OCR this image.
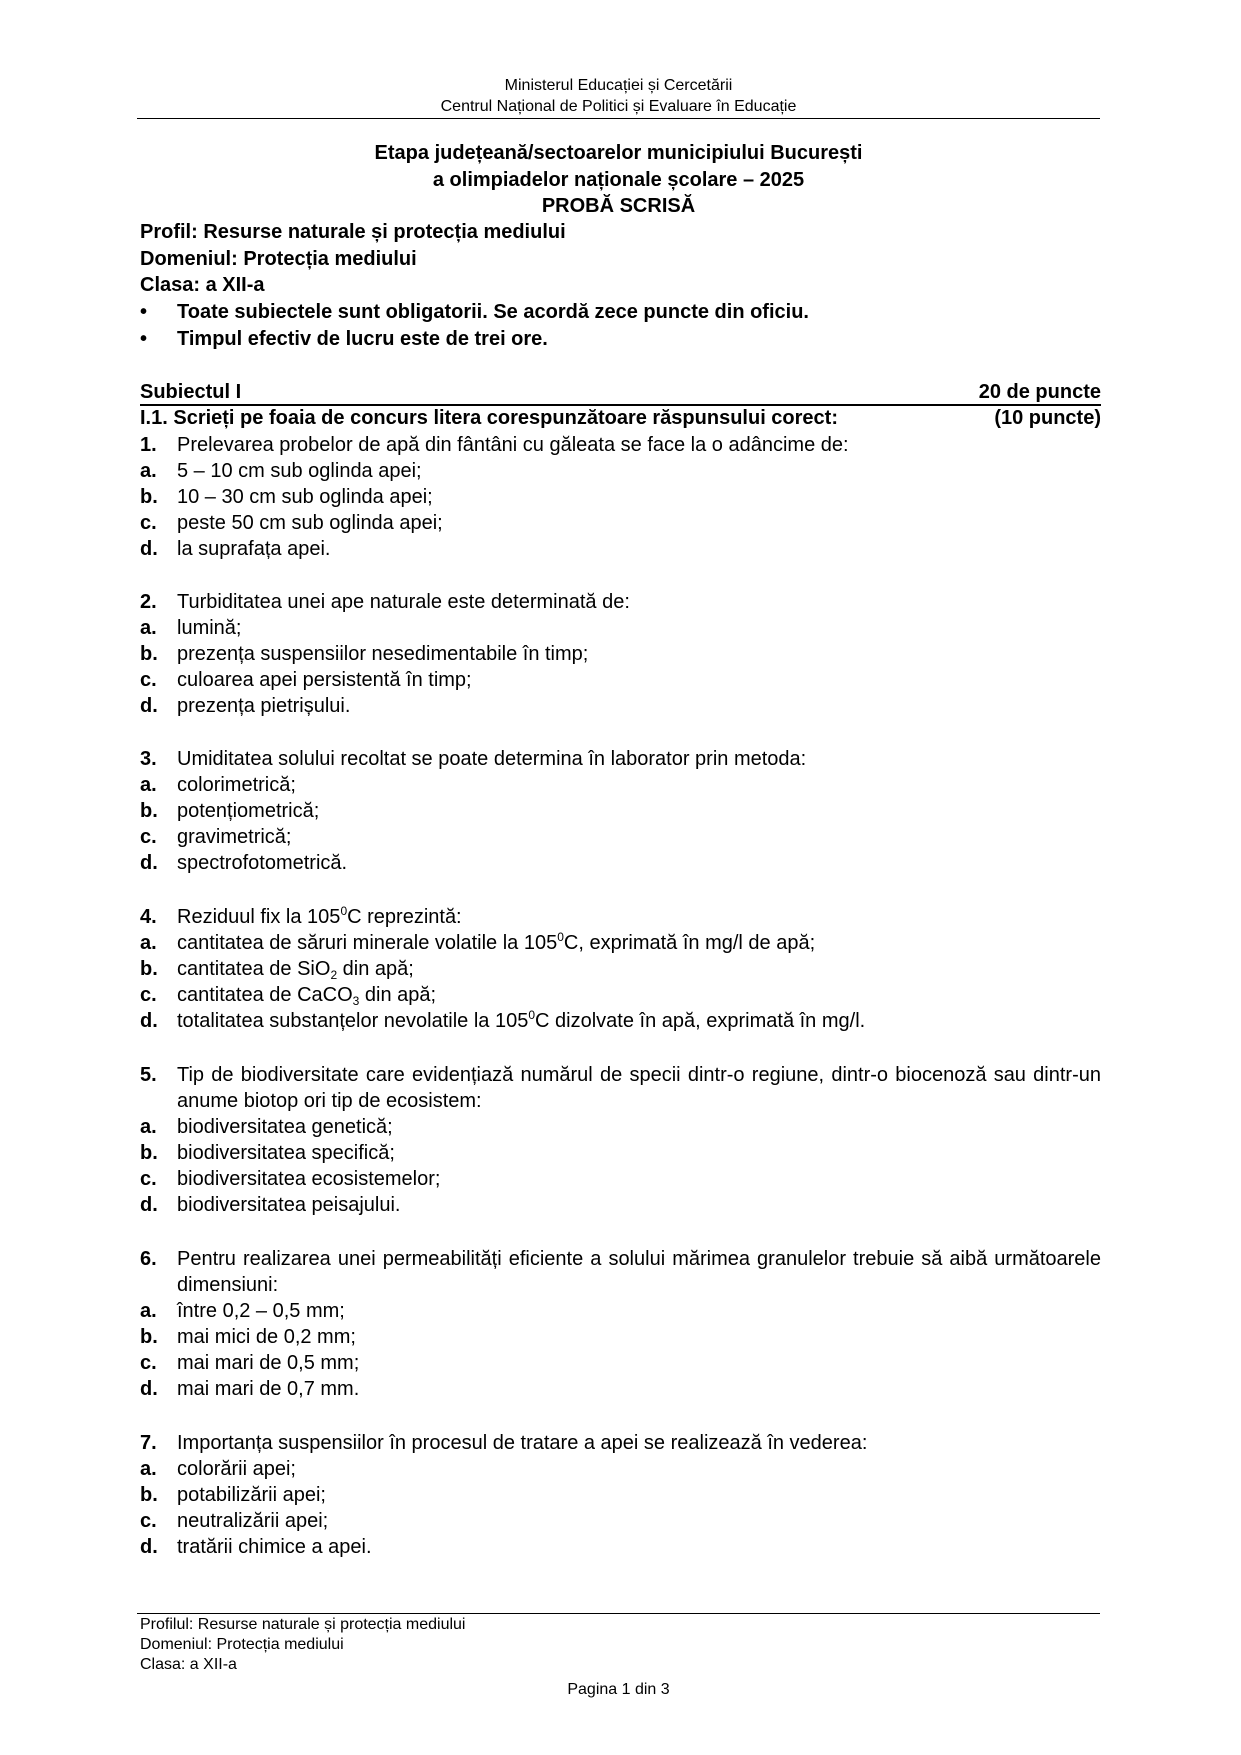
Ministerul Educației și Cercetării
Centrul Național de Politici și Evaluare în Educație
Etapa județeană/sectoarelor municipiului București
a olimpiadelor naționale școlare – 2025
PROBĂ SCRISĂ
Profil: Resurse naturale și protecția mediului
Domeniul: Protecția mediului
Clasa: a XII-a
• Toate subiectele sunt obligatorii. Se acordă zece puncte din oficiu.
• Timpul efectiv de lucru este de trei ore.
Subiectul I	20 de puncte
I.1. Scrieți pe foaia de concurs litera corespunzătoare răspunsului corect:	(10 puncte)
1. Prelevarea probelor de apă din fântâni cu găleata se face la o adâncime de:
a. 5 – 10 cm sub oglinda apei;
b. 10 – 30 cm sub oglinda apei;
c. peste 50 cm sub oglinda apei;
d. la suprafața apei.
2. Turbiditatea unei ape naturale este determinată de:
a. lumină;
b. prezența suspensiilor nesedimentabile în timp;
c. culoarea apei persistentă în timp;
d. prezența pietrișului.
3. Umiditatea solului recoltat se poate determina în laborator prin metoda:
a. colorimetrică;
b. potențiometrică;
c. gravimetrică;
d. spectrofotometrică.
4. Reziduul fix la $105^0C$ reprezintă:
a. cantitatea de săruri minerale volatile la $105^0C$, exprimată în mg/l de apă;
b. cantitatea de SiO$_2$ din apă;
c. cantitatea de CaCO$_3$ din apă;
d. totalitatea substanțelor nevolatile la $105^0C$ dizolvate în apă, exprimată în mg/l.
5. Tip de biodiversitate care evidențiază numărul de specii dintr-o regiune, dintr-o biocenoză sau dintr-un anume biotop ori tip de ecosistem:
a. biodiversitatea genetică;
b. biodiversitatea specifică;
c. biodiversitatea ecosistemelor;
d. biodiversitatea peisajului.
6. Pentru realizarea unei permeabilități eficiente a solului mărimea granulelor trebuie să aibă următoarele dimensiuni:
a. între 0,2 – 0,5 mm;
b. mai mici de 0,2 mm;
c. mai mari de 0,5 mm;
d. mai mari de 0,7 mm.
7. Importanța suspensiilor în procesul de tratare a apei se realizează în vederea:
a. colorării apei;
b. potabilizării apei;
c. neutralizării apei;
d. tratării chimice a apei.
Profilul: Resurse naturale și protecția mediului
Domeniul: Protecția mediului
Clasa: a XII-a
Pagina 1 din 3
